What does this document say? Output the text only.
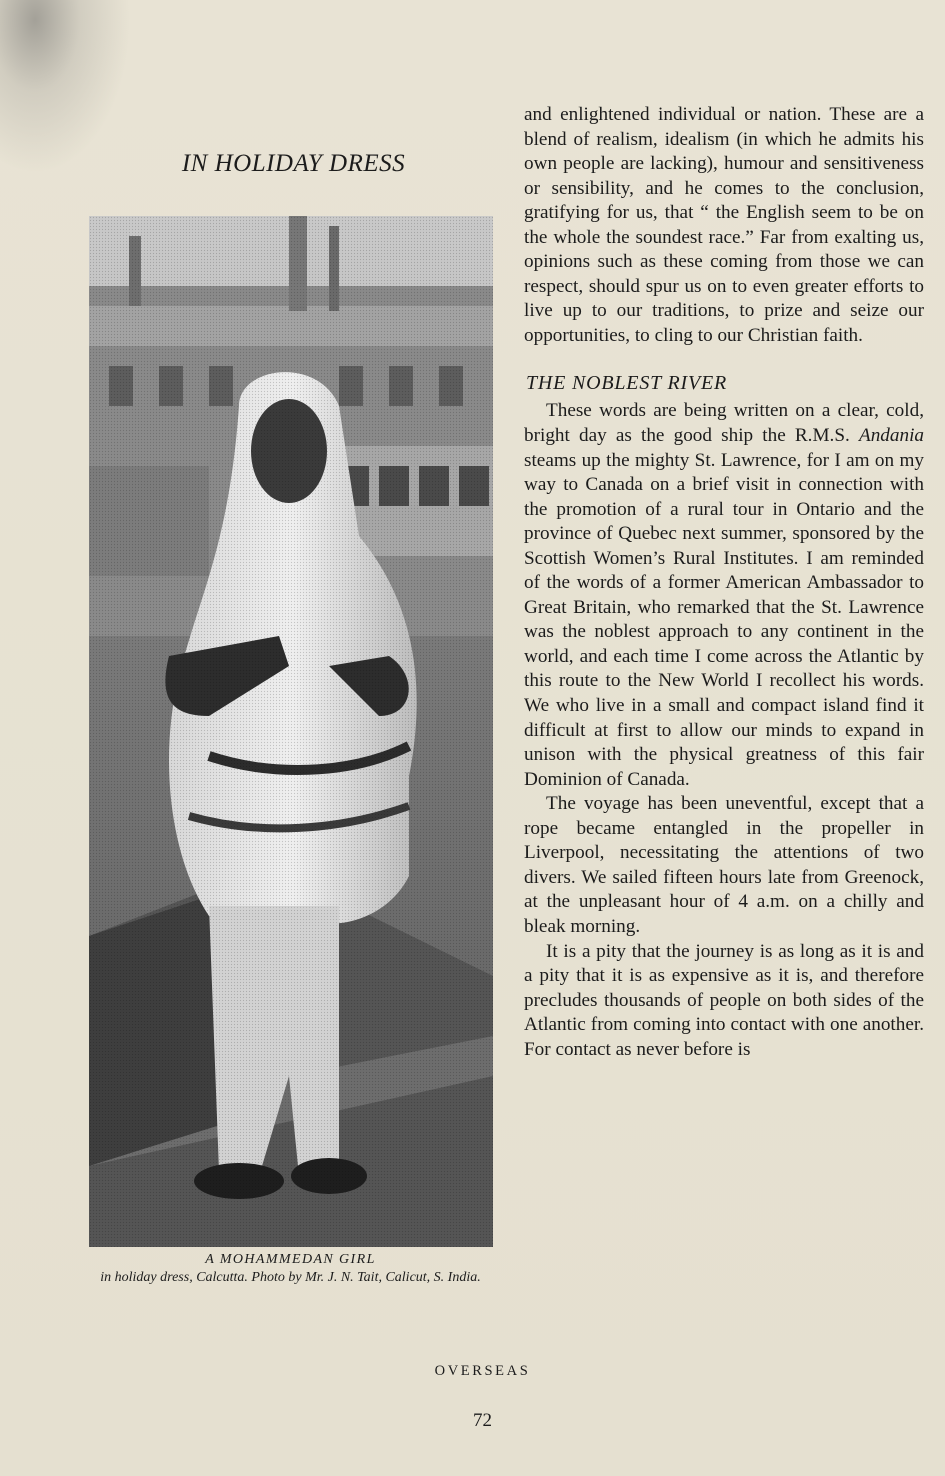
IN HOLIDAY DRESS
A MOHAMMEDAN GIRL
in holiday dress, Calcutta. Photo by Mr. J. N. Tait, Calicut, S. India.

and enlightened individual or nation. These are a blend of realism, idealism (in which he admits his own people are lacking), humour and sensitiveness or sensibility, and he comes to the conclusion, gratifying for us, that “ the English seem to be on the whole the soundest race.” Far from exalting us, opinions such as these coming from those we can respect, should spur us on to even greater efforts to live up to our traditions, to prize and seize our opportunities, to cling to our Christian faith.

THE NOBLEST RIVER

These words are being written on a clear, cold, bright day as the good ship the R.M.S. Andania steams up the mighty St. Lawrence, for I am on my way to Canada on a brief visit in connection with the promotion of a rural tour in Ontario and the province of Quebec next summer, sponsored by the Scottish Women’s Rural Institutes. I am reminded of the words of a former American Ambassador to Great Britain, who remarked that the St. Lawrence was the noblest approach to any continent in the world, and each time I come across the Atlantic by this route to the New World I recollect his words. We who live in a small and compact island find it difficult at first to allow our minds to expand in unison with the physical greatness of this fair Dominion of Canada.

The voyage has been uneventful, except that a rope became entangled in the propeller in Liverpool, necessitating the attentions of two divers. We sailed fifteen hours late from Greenock, at the unpleasant hour of 4 a.m. on a chilly and bleak morning.

It is a pity that the journey is as long as it is and a pity that it is as expensive as it is, and therefore precludes thousands of people on both sides of the Atlantic from coming into contact with one another. For contact as never before is

OVERSEAS
72
